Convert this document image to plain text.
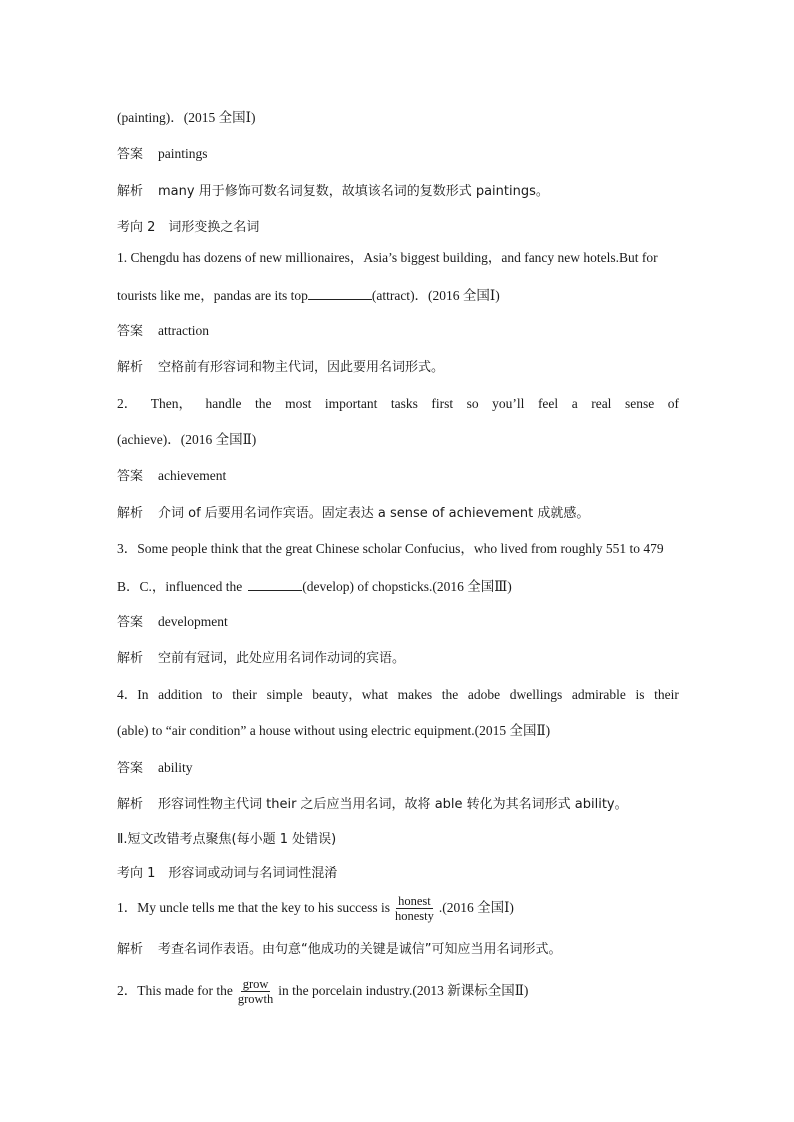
(painting)．(2015 全国Ⅰ)
答案 paintings
解析 many 用于修饰可数名词复数，故填该名词的复数形式 paintings。
考向 2　词形变换之名词
1. Chengdu has dozens of new millionaires，Asia’s biggest building，and fancy new hotels.But for
tourists like me，pandas are its top	(attract)．(2016 全国Ⅰ)
答案 attraction
解析 空格前有形容词和物主代词，因此要用名词形式。
2． Then， handle the most important tasks first so you’ll feel a real sense of
(achieve)．(2016 全国Ⅱ)
答案 achievement
解析 介词 of 后要用名词作宾语。固定表达 a sense of achievement 成就感。
3．Some people think that the great Chinese scholar Confucius，who lived from roughly 551 to 479
B．C.，influenced the	(develop) of chopsticks.(2016 全国Ⅲ)
答案 development
解析 空前有冠词，此处应用名词作动词的宾语。
4．In addition to their simple beauty，what makes the adobe dwellings admirable is their
(able) to “air condition” a house without using electric equipment.(2015 全国Ⅱ)
答案 ability
解析 形容词性物主代词 their 之后应当用名词，故将 able 转化为其名词形式 ability。
Ⅱ.短文改错考点聚焦(每小题 1 处错误)
考向 1　形容词或动词与名词词性混淆
1．My uncle tells me that the key to his success is $\frac{\text{honest}}{\text{honesty}} .(2016$ 全国Ⅰ)
解析 考查名词作表语。由句意“他成功的关键是诚信”可知应当用名词形式。
2．This made for the $\frac{\text{grow}}{\text{growth}}$ in the porcelain industry.(2013 新课标全国Ⅱ)
